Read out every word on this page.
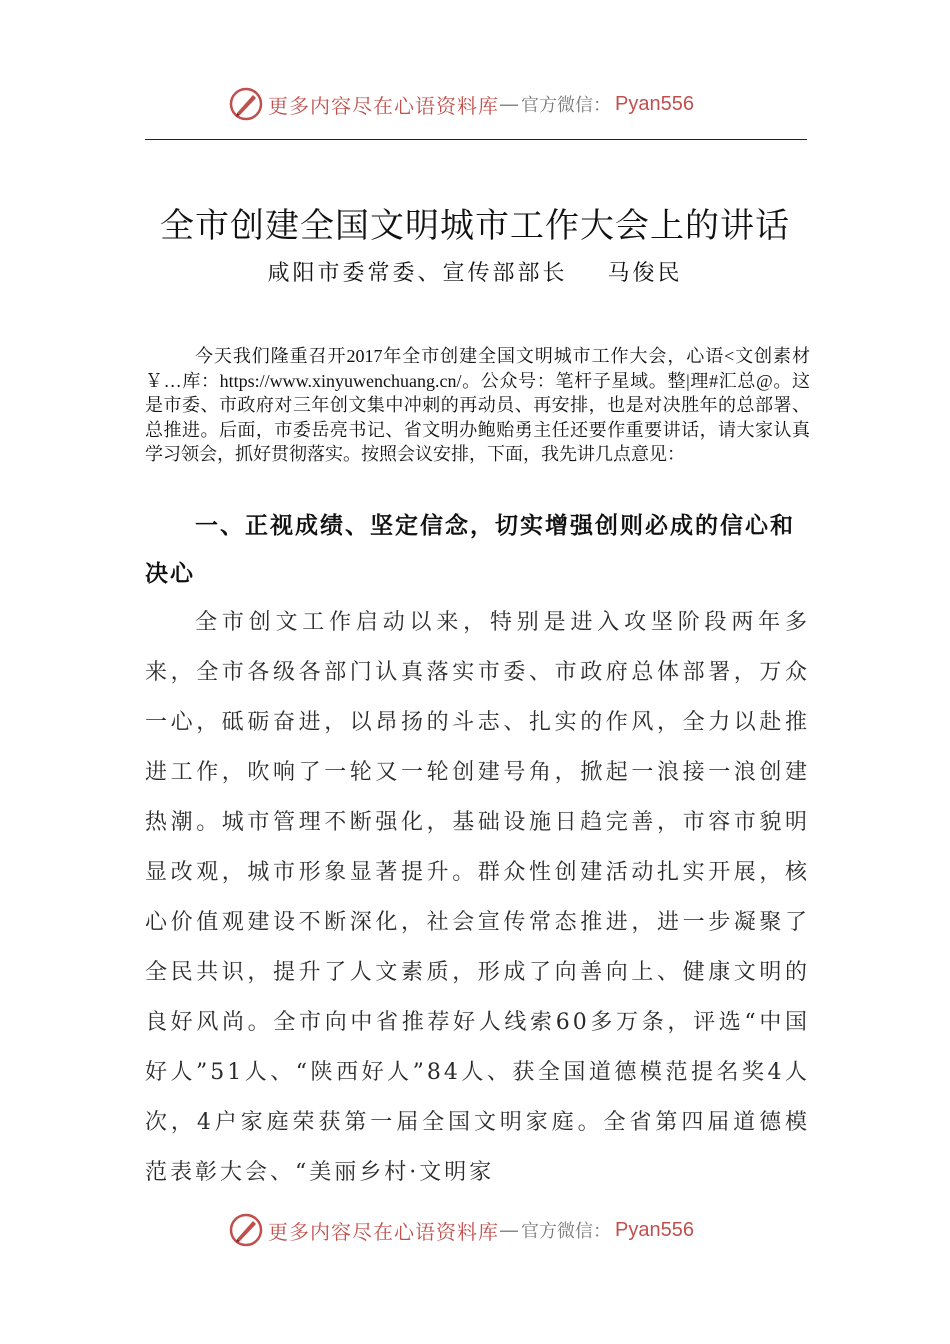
更多内容尽在心语资料库 — 官方微信： Pyan556
全市创建全国文明城市工作大会上的讲话
咸阳市委常委、宣传部部长    马俊民

今天我们隆重召开2017年全市创建全国文明城市工作大会，心语<文创素材￥…库：https://www.xinyuwenchuang.cn/。公众号：笔杆子星域。整|理#汇总@。这是市委、市政府对三年创文集中冲刺的再动员、再安排，也是对决胜年的总部署、总推进。后面，市委岳亮书记、省文明办鲍贻勇主任还要作重要讲话，请大家认真学习领会，抓好贯彻落实。按照会议安排，下面，我先讲几点意见：

一、正视成绩、坚定信念，切实增强创则必成的信心和决心

全市创文工作启动以来，特别是进入攻坚阶段两年多来，全市各级各部门认真落实市委、市政府总体部署，万众一心，砥砺奋进，以昂扬的斗志、扎实的作风，全力以赴推进工作，吹响了一轮又一轮创建号角，掀起一浪接一浪创建热潮。城市管理不断强化，基础设施日趋完善，市容市貌明显改观，城市形象显著提升。群众性创建活动扎实开展，核心价值观建设不断深化，社会宣传常态推进，进一步凝聚了全民共识，提升了人文素质，形成了向善向上、健康文明的良好风尚。全市向中省推荐好人线索60多万条，评选“中国好人”51人、“陕西好人”84人、获全国道德模范提名奖4人次，4户家庭荣获第一届全国文明家庭。全省第四届道德模范表彰大会、“美丽乡村·文明家

更多内容尽在心语资料库 — 官方微信： Pyan556
